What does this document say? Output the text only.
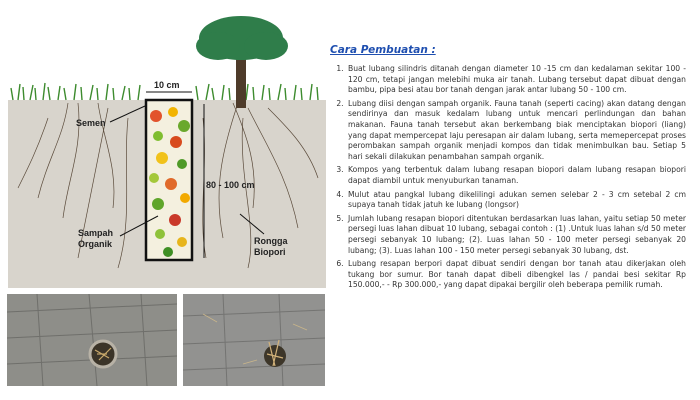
10 cm
Semen
80 - 100 cm
Sampah
Organik	Rongga
Biopori
Cara Pembuatan :
1. Buat lubang silindris ditanah dengan diameter 10 -15 cm dan kedalaman sekitar 100 - 120 cm, tetapi jangan melebihi muka air tanah. Lubang tersebut dapat dibuat dengan bambu, pipa besi atau bor tanah dengan jarak antar lubang 50 - 100 cm.
2. Lubang diisi dengan sampah organik. Fauna tanah (seperti cacing) akan datang dengan sendirinya dan masuk kedalam lubang untuk mencari perlindungan dan bahan makanan. Fauna tanah tersebut akan berkembang biak menciptakan biopori (liang) yang dapat mempercepat laju peresapan air dalam lubang, serta memepercepat proses perombakan sampah organik menjadi kompos dan tidak menimbulkan bau. Setiap 5 hari sekali dilakukan penambahan sampah organik.
3. Kompos yang terbentuk dalam lubang resapan biopori dalam lubang resapan biopori dapat diambil untuk menyuburkan tanaman.
4. Mulut atau pangkal lubang dikelilingi adukan semen selebar 2 - 3 cm setebal 2 cm supaya tanah tidak jatuh ke lubang (longsor)
5. Jumlah lubang resapan biopori ditentukan berdasarkan luas lahan, yaitu setiap 50 meter persegi luas lahan dibuat 10 lubang, sebagai contoh : (1) .Untuk luas lahan s/d 50 meter persegi sebanyak 10 lubang; (2). Luas lahan 50 - 100 meter persegi sebanyak 20 lubang; (3). Luas lahan 100 - 150 meter persegi sebanyak 30 lubang, dst.
6. Lubang resapan berpori dapat dibuat sendiri dengan bor tanah atau dikerjakan oleh tukang bor sumur. Bor tanah dapat dibeli dibengkel las / pandai besi sekitar Rp 150.000,- - Rp 300.000,- yang dapat dipakai bergilir oleh beberapa pemilik rumah.
